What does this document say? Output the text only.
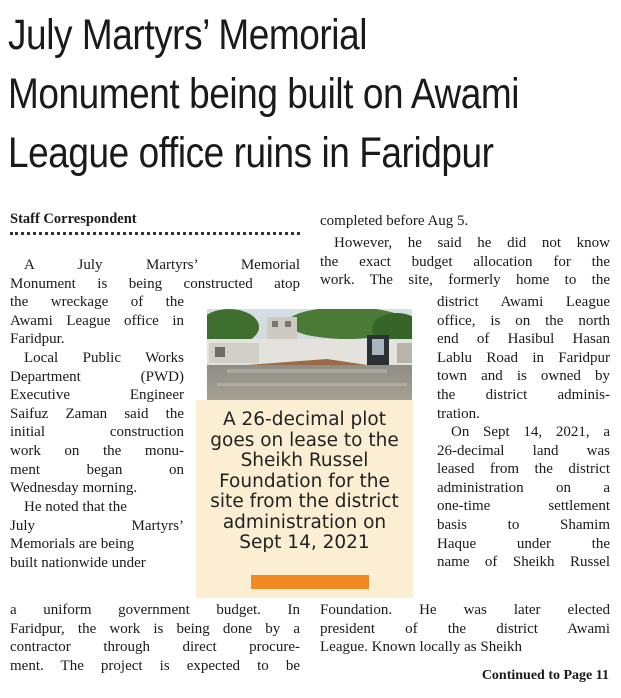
July Martyrs’ Memorial
Monument being built on Awami
League office ruins in Faridpur
Staff Correspondent
A July Martyrs’ Memorial
Monument is being constructed atop
the wreckage of the
Awami League office in
Faridpur.
Local Public Works
Department (PWD)
Executive Engineer
Saifuz Zaman said the
initial construction
work on the monu-
ment began on
Wednesday morning.
He noted that the
July Martyrs’
Memorials are being
built nationwide under
a uniform government budget. In
Faridpur, the work is being done by a
contractor through direct procure-
ment. The project is expected to be
completed before Aug 5.
However, he said he did not know
the exact budget allocation for the
work. The site, formerly home to the
district Awami League
office, is on the north
end of Hasibul Hasan
Lablu Road in Faridpur
town and is owned by
the district adminis-
tration.
On Sept 14, 2021, a
26-decimal land was
leased from the district
administration on a
one-time settlement
basis to Shamim
Haque under the
name of Sheikh Russel
Foundation. He was later elected
president of the district Awami
League. Known locally as Sheikh
A 26-decimal plot
goes on lease to the
Sheikh Russel
Foundation for the
site from the district
administration on
Sept 14, 2021
Continued to Page 11
